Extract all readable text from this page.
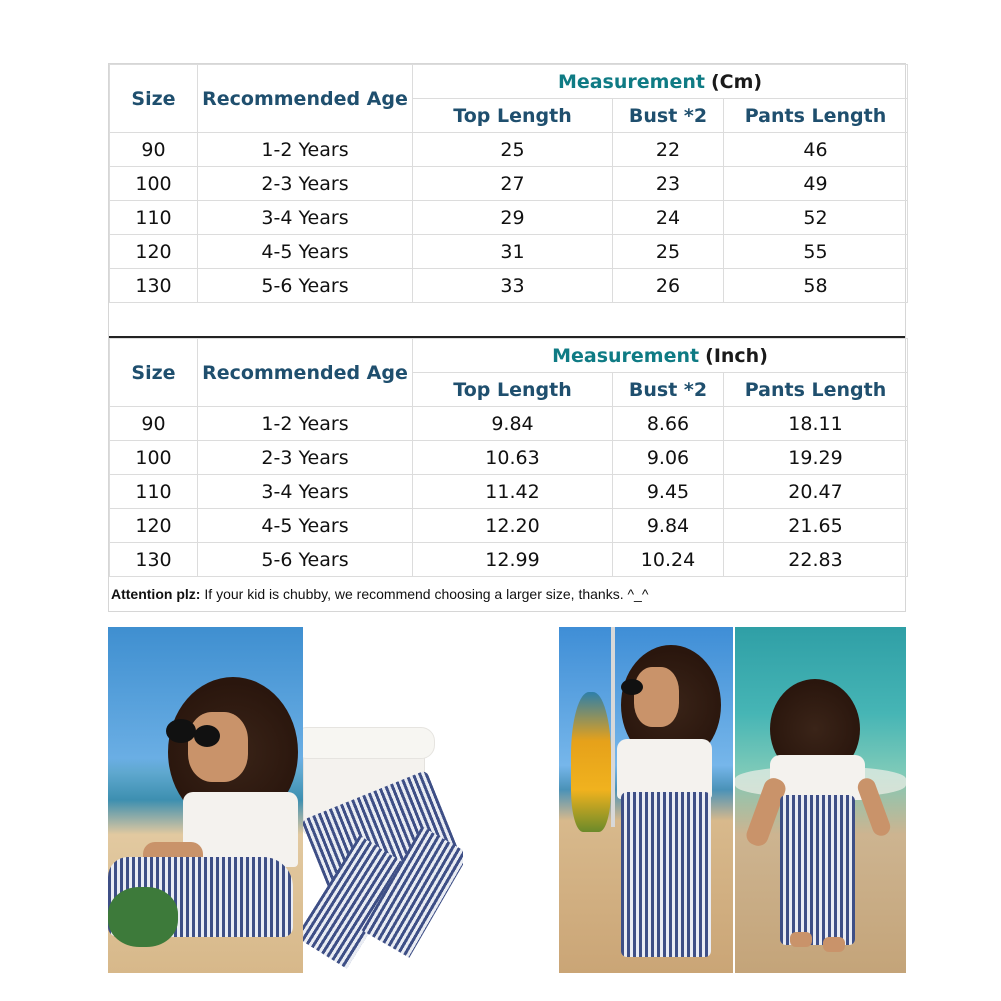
Size	Recommended Age	Measurement (Cm)		
		Top Length	Bust *2	Pants Length
90	1-2 Years	25	22	46
100	2-3 Years	27	23	49
110	3-4 Years	29	24	52
120	4-5 Years	31	25	55
130	5-6 Years	33	26	58
Size	Recommended Age	Measurement (Inch)		
		Top Length	Bust *2	Pants Length
90	1-2 Years	9.84	8.66	18.11
100	2-3 Years	10.63	9.06	19.29
110	3-4 Years	11.42	9.45	20.47
120	4-5 Years	12.20	9.84	21.65
130	5-6 Years	12.99	10.24	22.83
Attention plz: If your kid is chubby, we recommend choosing a larger size, thanks. ^_^
